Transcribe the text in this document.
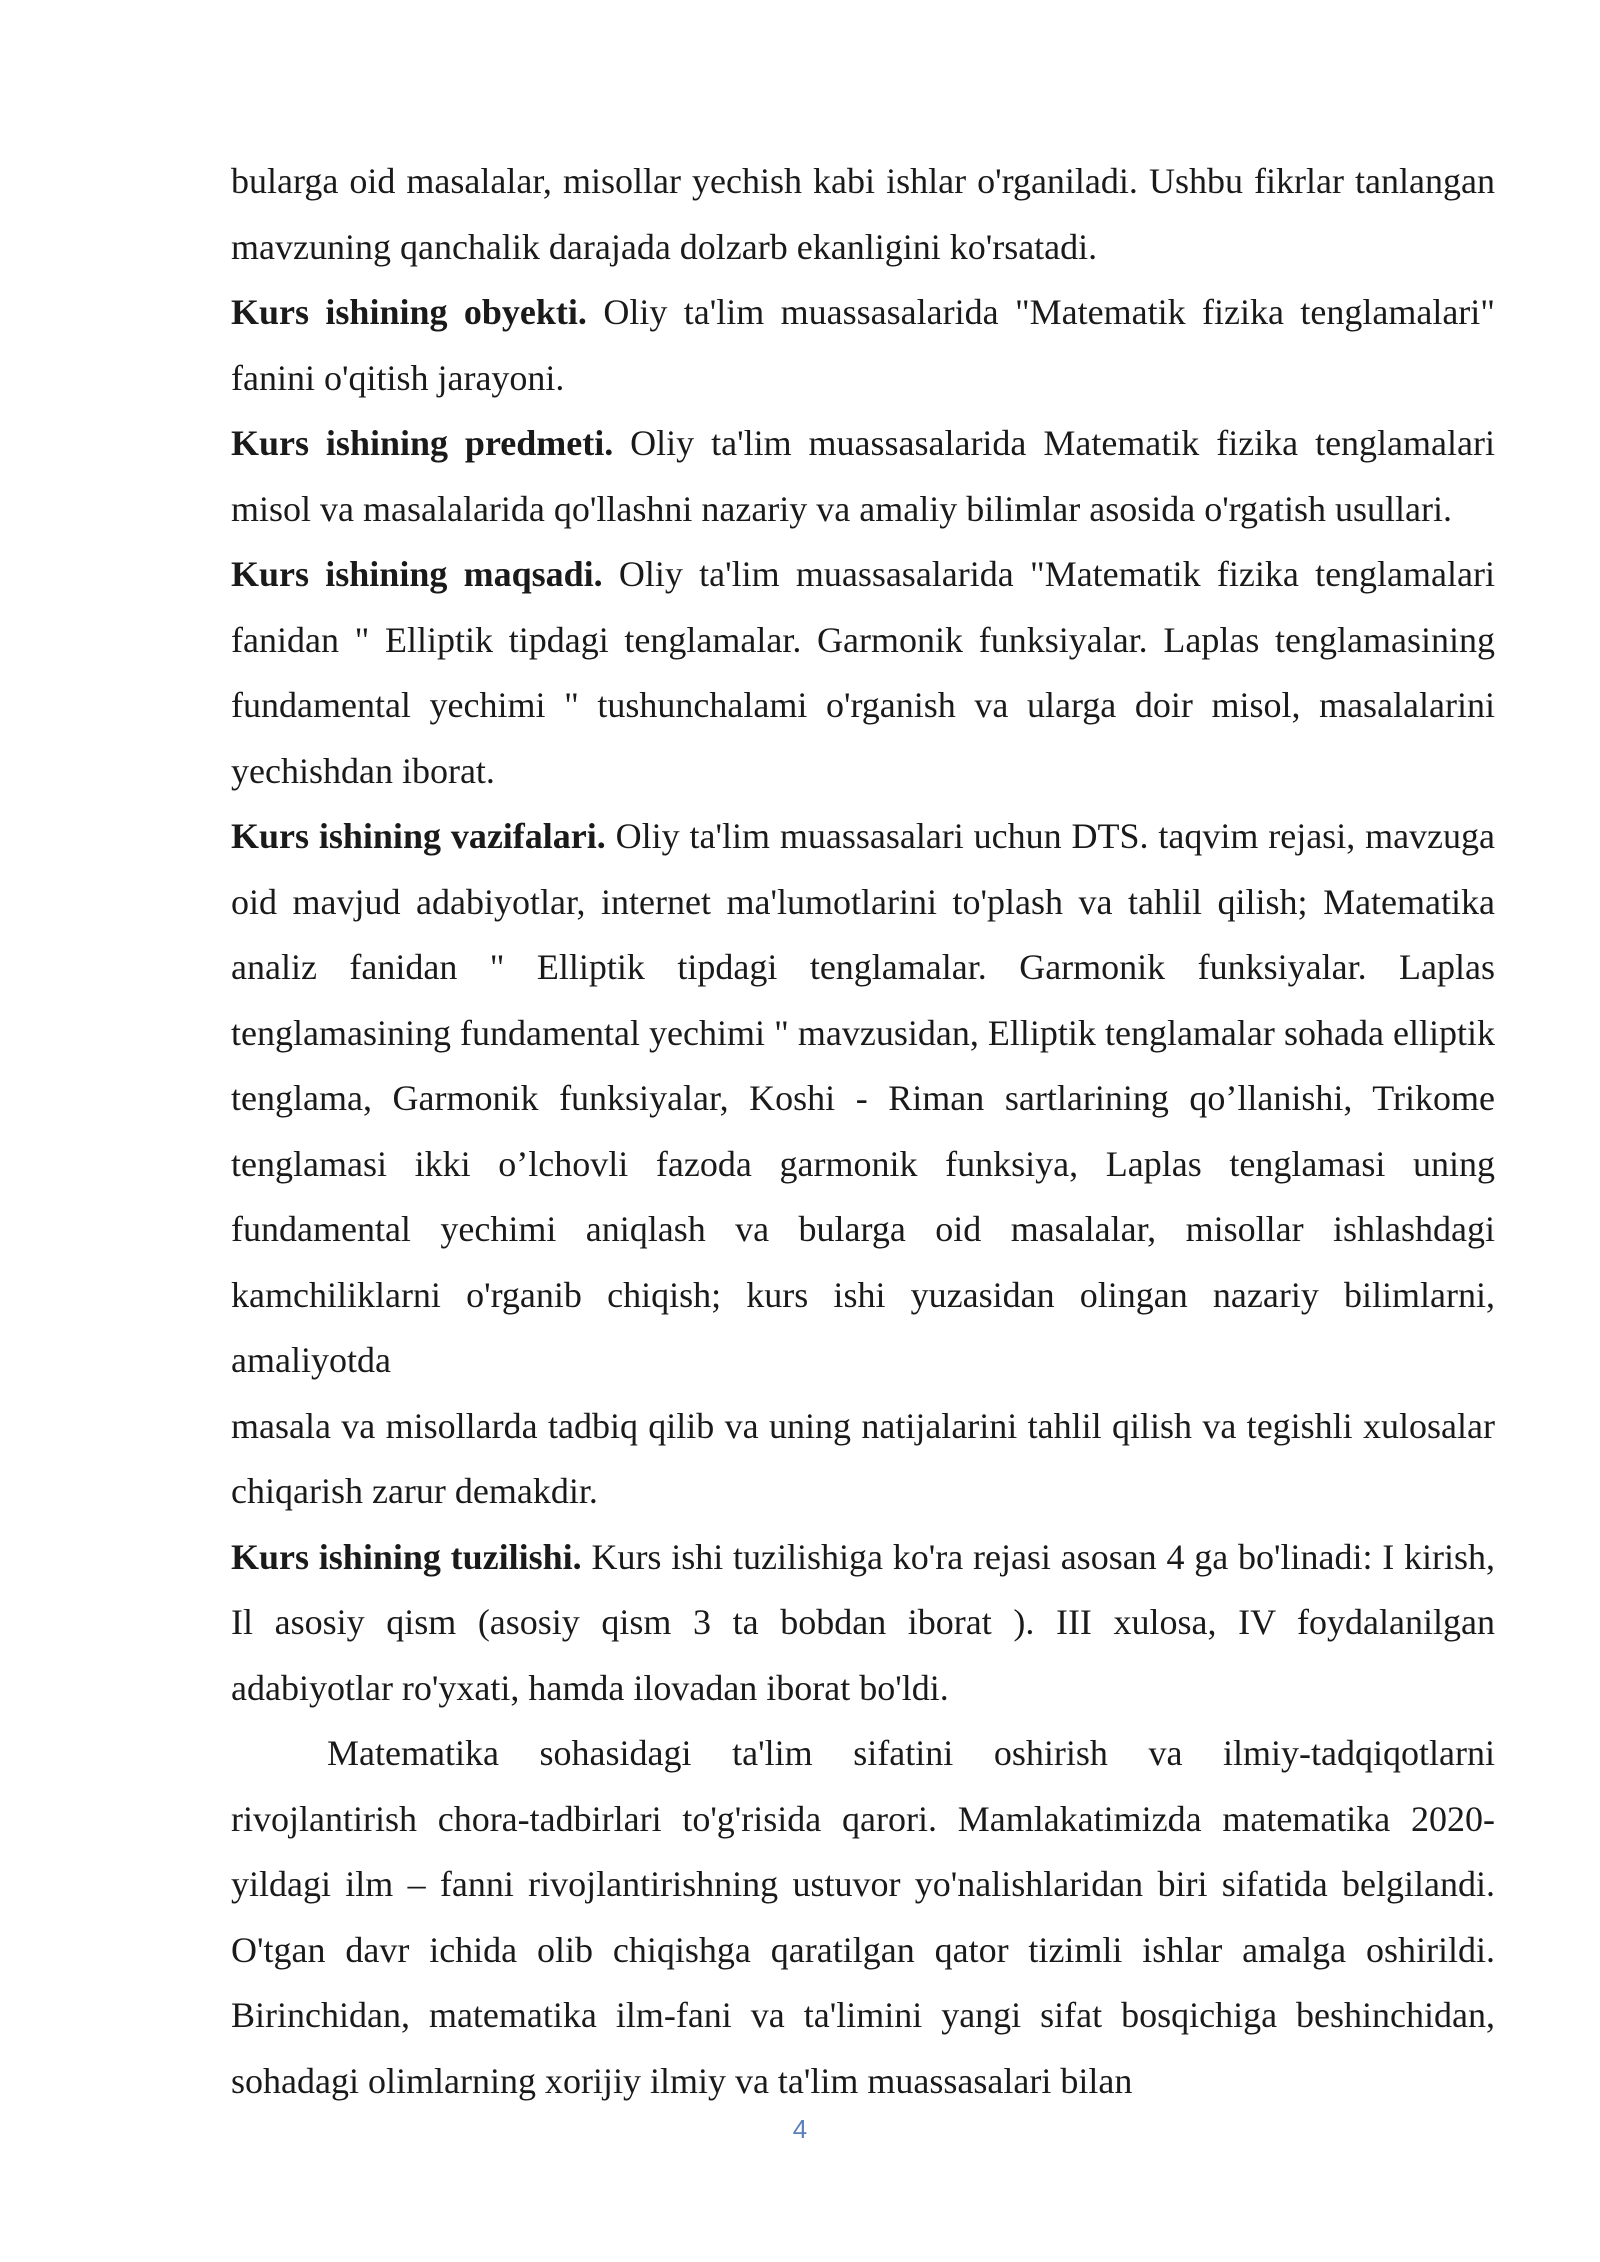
bularga oid masalalar, misollar yechish kabi ishlar o'rganiladi. Ushbu fikrlar tanlangan mavzuning qanchalik darajada dolzarb ekanligini ko'rsatadi.

Kurs ishining obyekti. Oliy ta'lim muassasalarida "Matematik fizika tenglamalari" fanini o'qitish jarayoni.

Kurs ishining predmeti. Oliy ta'lim muassasalarida Matematik fizika tenglamalari misol va masalalarida qo'llashni nazariy va amaliy bilimlar asosida o'rgatish usullari.

Kurs ishining maqsadi. Oliy ta'lim muassasalarida "Matematik fizika tenglamalari fanidan " Elliptik tipdagi tenglamalar. Garmonik funksiyalar. Laplas tenglamasining fundamental yechimi " tushunchalami o'rganish va ularga doir misol, masalalarini yechishdan iborat.

Kurs ishining vazifalari. Oliy ta'lim muassasalari uchun DTS. taqvim rejasi, mavzuga oid mavjud adabiyotlar, internet ma'lumotlarini to'plash va tahlil qilish; Matematika analiz fanidan " Elliptik tipdagi tenglamalar. Garmonik funksiyalar. Laplas tenglamasining fundamental yechimi " mavzusidan, Elliptik tenglamalar sohada elliptik tenglama, Garmonik funksiyalar, Koshi - Riman sartlarining qo’llanishi, Trikome tenglamasi ikki o’lchovli fazoda garmonik funksiya, Laplas tenglamasi uning fundamental yechimi aniqlash va bularga oid masalalar, misollar ishlashdagi kamchiliklarni o'rganib chiqish; kurs ishi yuzasidan olingan nazariy bilimlarni, amaliyotda

masala va misollarda tadbiq qilib va uning natijalarini tahlil qilish va tegishli xulosalar chiqarish zarur demakdir.

Kurs ishining tuzilishi. Kurs ishi tuzilishiga ko'ra rejasi asosan 4 ga bo'linadi: I kirish, Il asosiy qism (asosiy qism 3 ta bobdan iborat ). III xulosa, IV foydalanilgan adabiyotlar ro'yxati, hamda ilovadan iborat bo'ldi.

Matematika sohasidagi ta'lim sifatini oshirish va ilmiy-tadqiqotlarni rivojlantirish chora-tadbirlari to'g'risida qarori. Mamlakatimizda matematika 2020-yildagi ilm – fanni rivojlantirishning ustuvor yo'nalishlaridan biri sifatida belgilandi. O'tgan davr ichida olib chiqishga qaratilgan qator tizimli ishlar amalga oshirildi. Birinchidan, matematika ilm-fani va ta'limini yangi sifat bosqichiga beshinchidan, sohadagi olimlarning xorijiy ilmiy va ta'lim muassasalari bilan

4
